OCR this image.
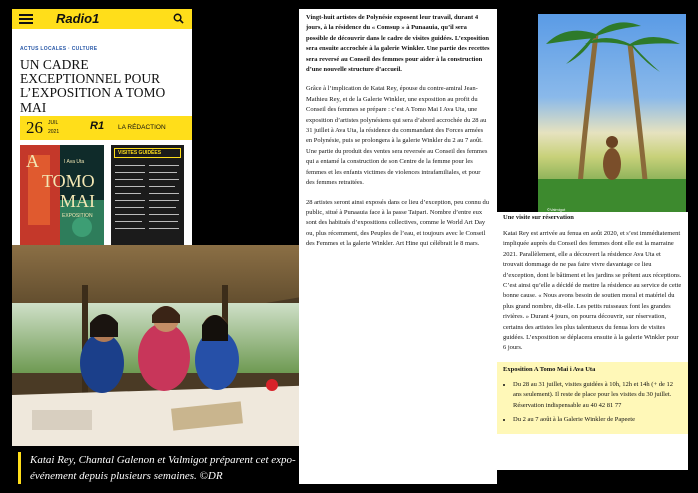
Radio1
ACTUS LOCALES · CULTURE
UN CADRE EXCEPTIONNEL POUR L’EXPOSITION A TOMO MAI
26 JUIL
2021	R1 LA RÉDACTION
A	I Ava Uta
TOMO
MAI
EXPOSITION
VISITES GUIDÉES
Katai Rey, Chantal Galenon et Valmigot préparent cet expo-événement depuis plusieurs semaines. ©DR

Vingt-huit artistes de Polynésie exposent leur travail, durant 4 jours, à la résidence du « Comsup » à Punaauia, qu’il sera possible de découvrir dans le cadre de visites guidées. L’exposition sera ensuite accrochée à la galerie Winkler. Une partie des recettes sera reversé au Conseil des femmes pour aider à la construction d’une nouvelle structure d’accueil.

Grâce à l’implication de Katai Rey, épouse du contre-amiral Jean-Mathieu Rey, et de la Galerie Winkler, une exposition au profit du Conseil des femmes se prépare : c’est A Tomo Mai I Ava Uta, une exposition d’artistes polynésiens qui sera d’abord accrochée du 28 au 31 juillet à Ava Uta, la résidence du commandant des Forces armées en Polynésie, puis se prolongera à la galerie Winkler du 2 au 7 août. Une partie du produit des ventes sera reversée au Conseil des femmes qui a entamé la construction de son Centre de la femme pour les femmes et les enfants victimes de violences intrafamiliales, et pour des femmes retraitées.

28 artistes seront ainsi exposés dans ce lieu d’exception, peu connu du public, situé à Punaauia face à la passe Taipari. Nombre d’entre eux sont des habitués d’expositions collectives, comme le World Art Day ou, plus récemment, des Peuples de l’eau, et toujours avec le Conseil des Femmes et la galerie Winkler. Art Hine qui célébrait le 8 mars.

©Valmigot
Une visite sur réservation

Katai Rey est arrivée au fenua en août 2020, et s’est immédiatement impliquée auprès du Conseil des femmes dont elle est la marraine 2021. Parallèlement, elle a découvert la résidence Ava Uta et trouvait dommage de ne pas faire vivre davantage ce lieu d’exception, dont le bâtiment et les jardins se prêtent aux réceptions. C’est ainsi qu’elle a décidé de mettre la résidence au service de cette bonne cause. « Nous avons besoin de soutien moral et matériel du plus grand nombre, dit-elle. Les petits ruisseaux font les grandes rivières. » Durant 4 jours, on pourra découvrir, sur réservation, certains des artistes les plus talentueux du fenua lors de visites guidées. L’exposition se déplacera ensuite à la galerie Winkler pour 6 jours.

Exposition A Tomo Mai i Ava Uta
• Du 28 au 31 juillet, visites guidées à 10h, 12h et 14h (+ de 12 ans seulement). Il reste de place pour les visites du 30 juillet. Réservation indispensable au 40 42 81 77
• Du 2 au 7 août à la Galerie Winkler de Papeete
